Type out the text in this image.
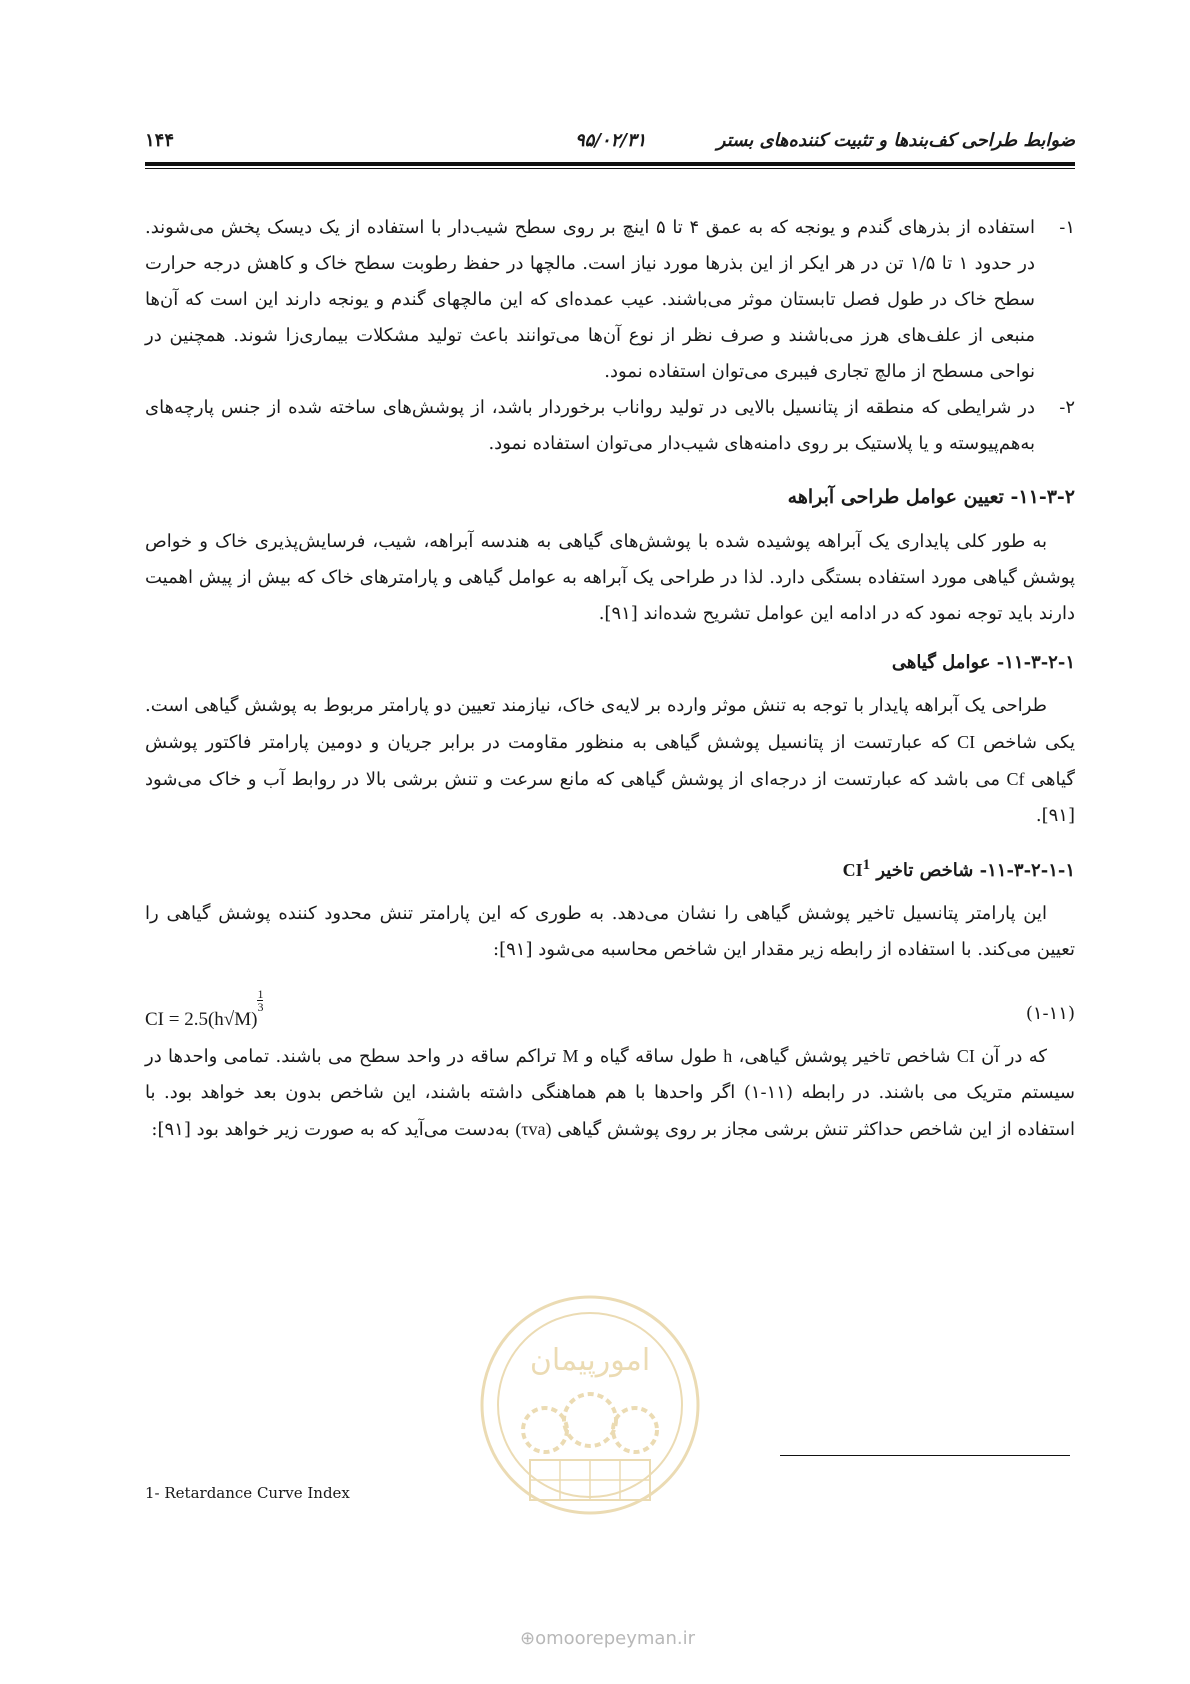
ضوابط طراحی کف‌بندها و تثبیت کننده‌های بستر
۹۵/۰۲/۳۱
۱۴۴
۱-
استفاده از بذرهای گندم و یونجه که به عمق ۴ تا ۵ اینچ بر روی سطح شیب‌دار با استفاده از یک دیسک پخش می‌شوند. در حدود ۱ تا ۱/۵ تن در هر ایکر از این بذرها مورد نیاز است. مالچها در حفظ رطوبت سطح خاک و کاهش درجه حرارت سطح خاک در طول فصل تابستان موثر می‌باشند. عیب عمده‌ای که این مالچهای گندم و یونجه دارند این است که آن‌ها منبعی از علف‌های هرز می‌باشند و صرف نظر از نوع آن‌ها می‌توانند باعث تولید مشکلات بیماری‌زا شوند. همچنین در نواحی مسطح از مالچ تجاری فیبری می‌توان استفاده نمود.
۲-
در شرایطی که منطقه از پتانسیل بالایی در تولید رواناب برخوردار باشد، از پوشش‌های ساخته شده از جنس پارچه‌های به‌هم‌پیوسته و یا پلاستیک بر روی دامنه‌های شیب‌دار می‌توان استفاده نمود.
۱۱-۳-۲- تعیین عوامل طراحی آبراهه

به طور کلی پایداری یک آبراهه پوشیده شده با پوشش‌های گیاهی به هندسه آبراهه، شیب، فرسایش‌پذیری خاک و خواص پوشش گیاهی مورد استفاده بستگی دارد. لذا در طراحی یک آبراهه به عوامل گیاهی و پارامترهای خاک که بیش از پیش اهمیت دارند باید توجه نمود که در ادامه این عوامل تشریح شده‌اند [۹۱].

۱۱-۳-۲-۱- عوامل گیاهی

طراحی یک آبراهه پایدار با توجه به تنش موثر وارده بر لایه‌ی خاک، نیازمند تعیین دو پارامتر مربوط به پوشش گیاهی است. یکی شاخص CI که عبارتست از پتانسیل پوشش گیاهی به منظور مقاومت در برابر جریان و دومین پارامتر فاکتور پوشش گیاهی Cf می باشد که عبارتست از درجه‌ای از پوشش گیاهی که مانع سرعت و تنش برشی بالا در روابط آب و خاک می‌شود [۹۱].

۱۱-۳-۲-۱-۱- شاخص تاخیر $CI^1$

این پارامتر پتانسیل تاخیر پوشش گیاهی را نشان می‌دهد. به طوری که این پارامتر تنش محدود کننده پوشش گیاهی را تعیین می‌کند. با استفاده از رابطه زیر مقدار این شاخص محاسبه می‌شود [۹۱]:

CI = $2.5(h√M)\frac{1}{3}$
(۱-۱۱)

که در آن CI شاخص تاخیر پوشش گیاهی، h طول ساقه گیاه و M تراکم ساقه در واحد سطح می باشند. تمامی واحدها در سیستم متریک می باشند. در رابطه (۱۱-۱) اگر واحدها با هم هماهنگی داشته باشند، این شاخص بدون بعد خواهد بود. با استفاده از این شاخص حداکثر تنش برشی مجاز بر روی پوشش گیاهی (τva) به‌دست می‌آید که به صورت زیر خواهد بود [۹۱]:

امورپیمان
1- Retardance Curve Index
⊕omoorepeyman.ir
